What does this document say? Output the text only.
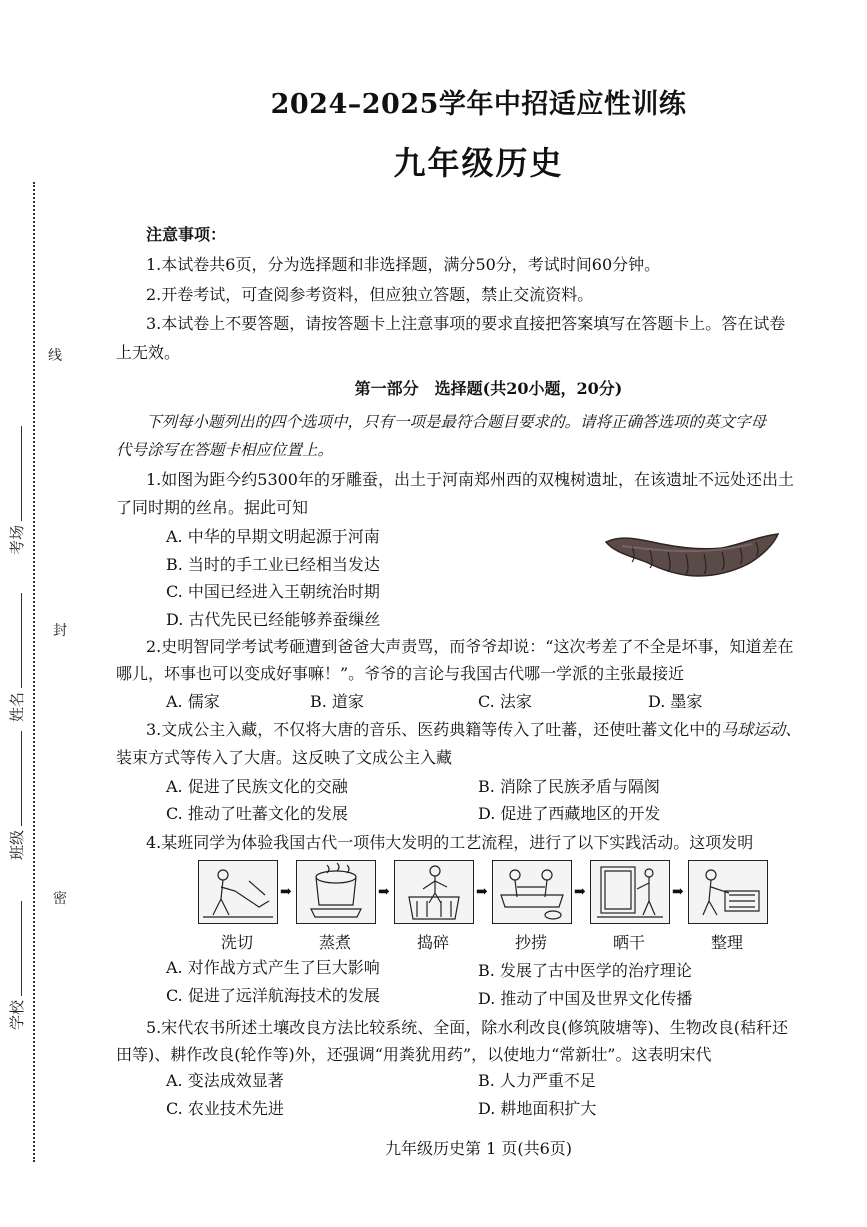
线
封
密
学校
班级
姓名
考场
2024–2025学年中招适应性训练
九年级历史
注意事项：
1.本试卷共6页，分为选择题和非选择题，满分50分，考试时间60分钟。
2.开卷考试，可查阅参考资料，但应独立答题，禁止交流资料。
3.本试卷上不要答题，请按答题卡上注意事项的要求直接把答案填写在答题卡上。答在试卷
上无效。
第一部分　选择题(共20小题，20分)
下列每小题列出的四个选项中，只有一项是最符合题目要求的。请将正确答选项的英文字母
代号涂写在答题卡相应位置上。
1.如图为距今约5300年的牙雕蚕，出土于河南郑州西的双槐树遗址，在该遗址不远处还出土
了同时期的丝帛。据此可知
A. 中华的早期文明起源于河南
B. 当时的手工业已经相当发达
C. 中国已经进入王朝统治时期
D. 古代先民已经能够养蚕缫丝
2.史明智同学考试考砸遭到爸爸大声责骂，而爷爷却说：“这次考差了不全是坏事，知道差在
哪儿，坏事也可以变成好事嘛！”。爷爷的言论与我国古代哪一学派的主张最接近
A. 儒家	B. 道家	C. 法家	D. 墨家
3.文成公主入藏，不仅将大唐的音乐、医药典籍等传入了吐蕃，还使吐蕃文化中的马球运动、
装束方式等传入了大唐。这反映了文成公主入藏
A. 促进了民族文化的交融	B. 消除了民族矛盾与隔阂
C. 推动了吐蕃文化的发展	D. 促进了西藏地区的开发
4.某班同学为体验我国古代一项伟大发明的工艺流程，进行了以下实践活动。这项发明
➡	➡	➡	➡	➡
洗切	蒸煮	捣碎	抄捞	晒干	整理
A. 对作战方式产生了巨大影响	B. 发展了古中医学的治疗理论
C. 促进了远洋航海技术的发展	D. 推动了中国及世界文化传播
5.宋代农书所述土壤改良方法比较系统、全面，除水利改良(修筑陂塘等)、生物改良(秸秆还
田等)、耕作改良(轮作等)外，还强调“用粪犹用药”，以使地力“常新壮”。这表明宋代
A. 变法成效显著	B. 人力严重不足
C. 农业技术先进	D. 耕地面积扩大
九年级历史第 1 页(共6页)
